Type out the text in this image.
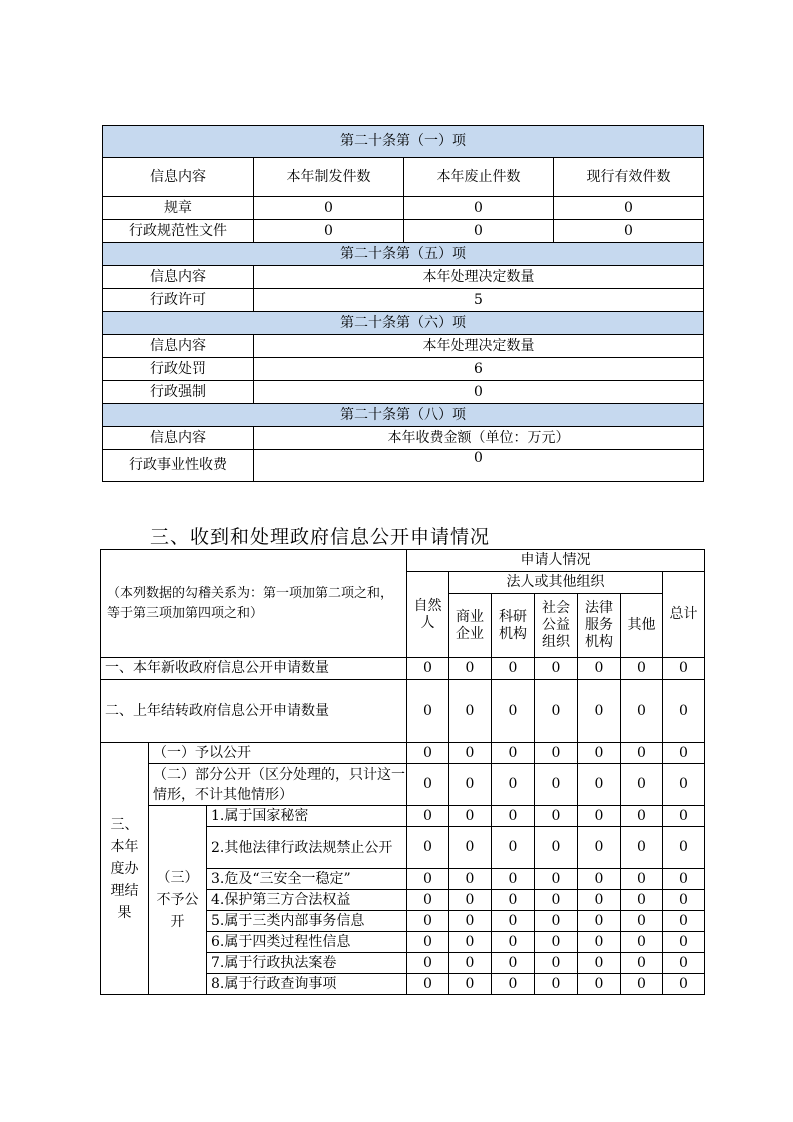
第二十条第（一）项			
信息内容	本年制发件数	本年废止件数	现行有效件数
规章	0	0	0
行政规范性文件	0	0	0
第二十条第（五）项			
信息内容	本年处理决定数量		
行政许可	5		
第二十条第（六）项			
信息内容	本年处理决定数量		
行政处罚	6		
行政强制	0		
第二十条第（八）项			
信息内容	本年收费金额（单位：万元）		
行政事业性收费	0		
三、收到和处理政府信息公开申请情况
（本列数据的勾稽关系为：第一项加第二项之和，等于第三项加第四项之和）			申请人情况						
			自然人	法人或其他组织					总计
				商业企业	科研机构	社会公益组织	法律服务机构	其他	
一、本年新收政府信息公开申请数量			0	0	0	0	0	0	0
二、上年结转政府信息公开申请数量			0	0	0	0	0	0	0
三、本年度办理结果	（一）予以公开		0	0	0	0	0	0	0
	（二）部分公开（区分处理的，只计这一情形，不计其他情形）		0	0	0	0	0	0	0
	（三）不予公开	1.属于国家秘密	0	0	0	0	0	0	0
		2.其他法律行政法规禁止公开	0	0	0	0	0	0	0
		3.危及“三安全一稳定”	0	0	0	0	0	0	0
		4.保护第三方合法权益	0	0	0	0	0	0	0
		5.属于三类内部事务信息	0	0	0	0	0	0	0
		6.属于四类过程性信息	0	0	0	0	0	0	0
		7.属于行政执法案卷	0	0	0	0	0	0	0
		8.属于行政查询事项	0	0	0	0	0	0	0
